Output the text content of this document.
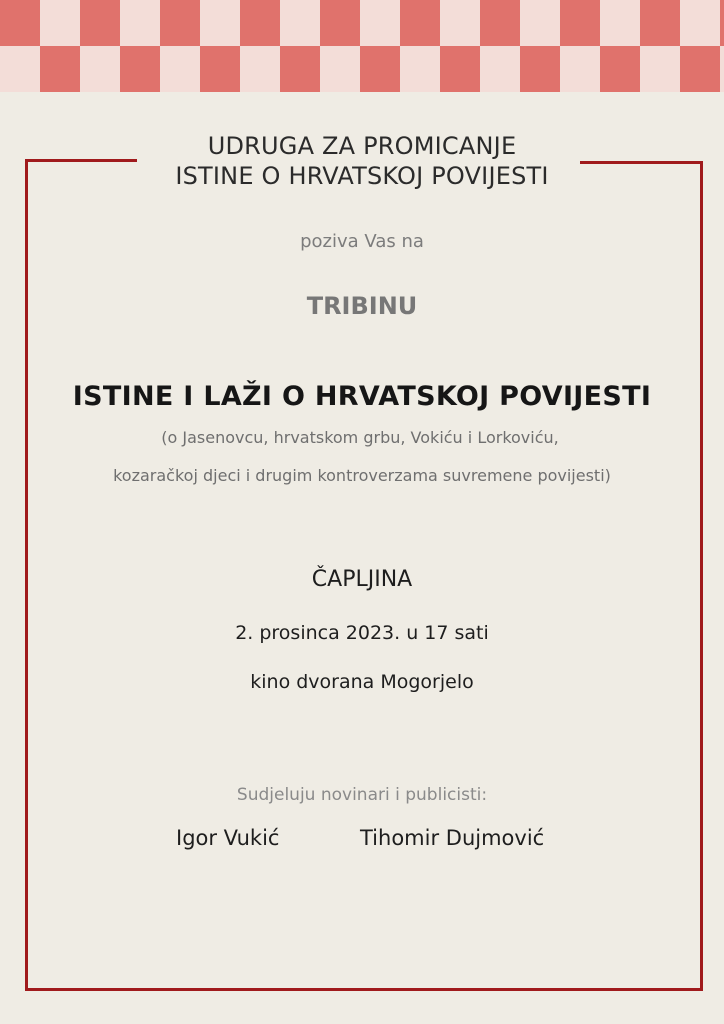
UDRUGA ZA PROMICANJE
ISTINE O HRVATSKOJ POVIJESTI
poziva Vas na
TRIBINU
ISTINE I LAŽI O HRVATSKOJ POVIJESTI
(o Jasenovcu, hrvatskom grbu, Vokiću i Lorkoviću,
kozaračkoj djeci i drugim kontroverzama suvremene povijesti)
ČAPLJINA
2. prosinca 2023. u 17 sati
kino dvorana Mogorjelo
Sudjeluju novinari i publicisti:
Igor Vukić	Tihomir Dujmović
